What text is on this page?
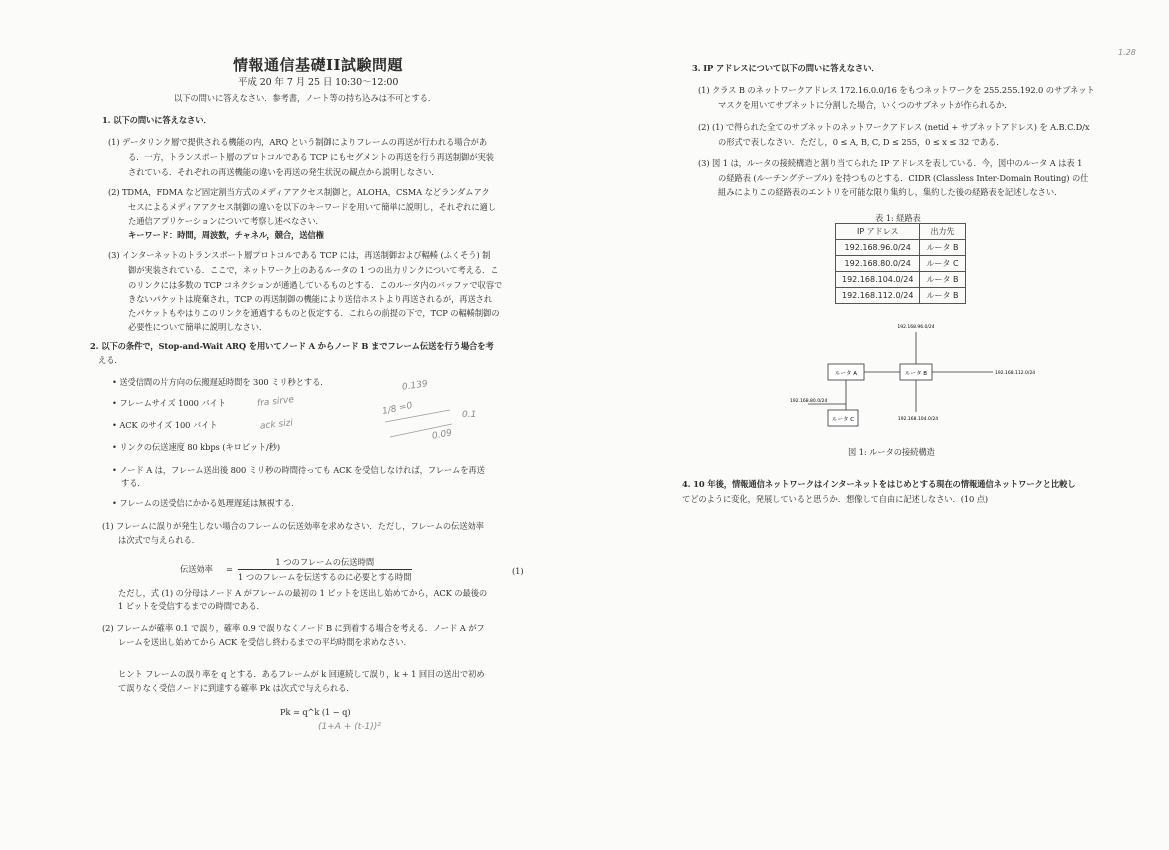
情報通信基礎II試験問題
平成 20 年 7 月 25 日 10:30〜12:00
以下の問いに答えなさい．参考書，ノート等の持ち込みは不可とする．
1. 以下の問いに答えなさい．
(1) データリンク層で提供される機能の内，ARQ という制御によりフレームの再送が行われる場合があ
る．一方，トランスポート層のプロトコルである TCP にもセグメントの再送を行う再送制御が実装
されている．それぞれの再送機能の違いを再送の発生状況の観点から説明しなさい．
(2) TDMA，FDMA など固定割当方式のメディアアクセス制御と，ALOHA，CSMA などランダムアク
セスによるメディアアクセス制御の違いを以下のキーワードを用いて簡単に説明し，それぞれに適し
た通信アプリケーションについて考察し述べなさい．
キーワード：時間，周波数，チャネル，競合，送信権
(3) インターネットのトランスポート層プロトコルである TCP には，再送制御および輻輳 (ふくそう) 制
御が実装されている．ここで，ネットワーク上のあるルータの 1 つの出力リンクについて考える．こ
のリンクには多数の TCP コネクションが通過しているものとする．このルータ内のバッファで収容で
きないパケットは廃棄され，TCP の再送制御の機能により送信ホストより再送されるが，再送され
たパケットもやはりこのリンクを通過するものと仮定する．これらの前提の下で，TCP の輻輳制御の
必要性について簡単に説明しなさい．
2. 以下の条件で，Stop-and-Wait ARQ を用いてノード A からノード B までフレーム伝送を行う場合を考
える．
• 送受信間の片方向の伝搬遅延時間を 300 ミリ秒とする．
• フレームサイズ 1000 バイト
• ACK のサイズ 100 バイト
• リンクの伝送速度 80 kbps (キロビット/秒)
• ノード A は，フレーム送出後 800 ミリ秒の時間待っても ACK を受信しなければ，フレームを再送
する．
• フレームの送受信にかかる処理遅延は無視する．
(1) フレームに誤りが発生しない場合のフレームの伝送効率を求めなさい．ただし，フレームの伝送効率
は次式で与えられる．
伝送効率 =
1 つのフレームの伝送時間
1 つのフレームを伝送するのに必要とする時間
(1)
ただし，式 (1) の分母はノード A がフレームの最初の 1 ビットを送出し始めてから，ACK の最後の
1 ビットを受信するまでの時間である．
(2) フレームが確率 0.1 で誤り，確率 0.9 で誤りなくノード B に到着する場合を考える．ノード A がフ
レームを送出し始めてから ACK を受信し終わるまでの平均時間を求めなさい．
ヒント フレームの誤り率を q とする．あるフレームが k 回連続して誤り，k + 1 回目の送出で初め
て誤りなく受信ノードに到達する確率 Pk は次式で与えられる．
Pk = q^k (1 − q)
0.139
1/8 =0	0.1
0.09
fra sirve
ack sizi
(1+A + (t-1))²
3. IP アドレスについて以下の問いに答えなさい．
(1) クラス B のネットワークアドレス 172.16.0.0/16 をもつネットワークを 255.255.192.0 のサブネット
マスクを用いてサブネットに分割した場合，いくつのサブネットが作られるか．
(2) (1) で得られた全てのサブネットのネットワークアドレス (netid + サブネットアドレス) を A.B.C.D/x
の形式で表しなさい．ただし，0 ≤ A, B, C, D ≤ 255，0 ≤ x ≤ 32 である．
(3) 図 1 は，ルータの接続構造と割り当てられた IP アドレスを表している．今，図中のルータ A は表 1
の経路表 (ルーチングテーブル) を持つものとする．CIDR (Classless Inter-Domain Routing) の仕
組みによりこの経路表のエントリを可能な限り集約し，集約した後の経路表を記述しなさい．
表 1: 経路表
IP アドレス	出力先
192.168.96.0/24	ルータ B
192.168.80.0/24	ルータ C
192.168.104.0/24	ルータ B
192.168.112.0/24	ルータ B
ルータ A	ルータ B
ルータ C
192.168.96.0/24
192.168.112.0/24
192.168.80.0/24
192.168.104.0/24
図 1: ルータの接続構造
4. 10 年後，情報通信ネットワークはインターネットをはじめとする現在の情報通信ネットワークと比較し
てどのように変化，発展していると思うか．想像して自由に記述しなさい．(10 点)
1.28
